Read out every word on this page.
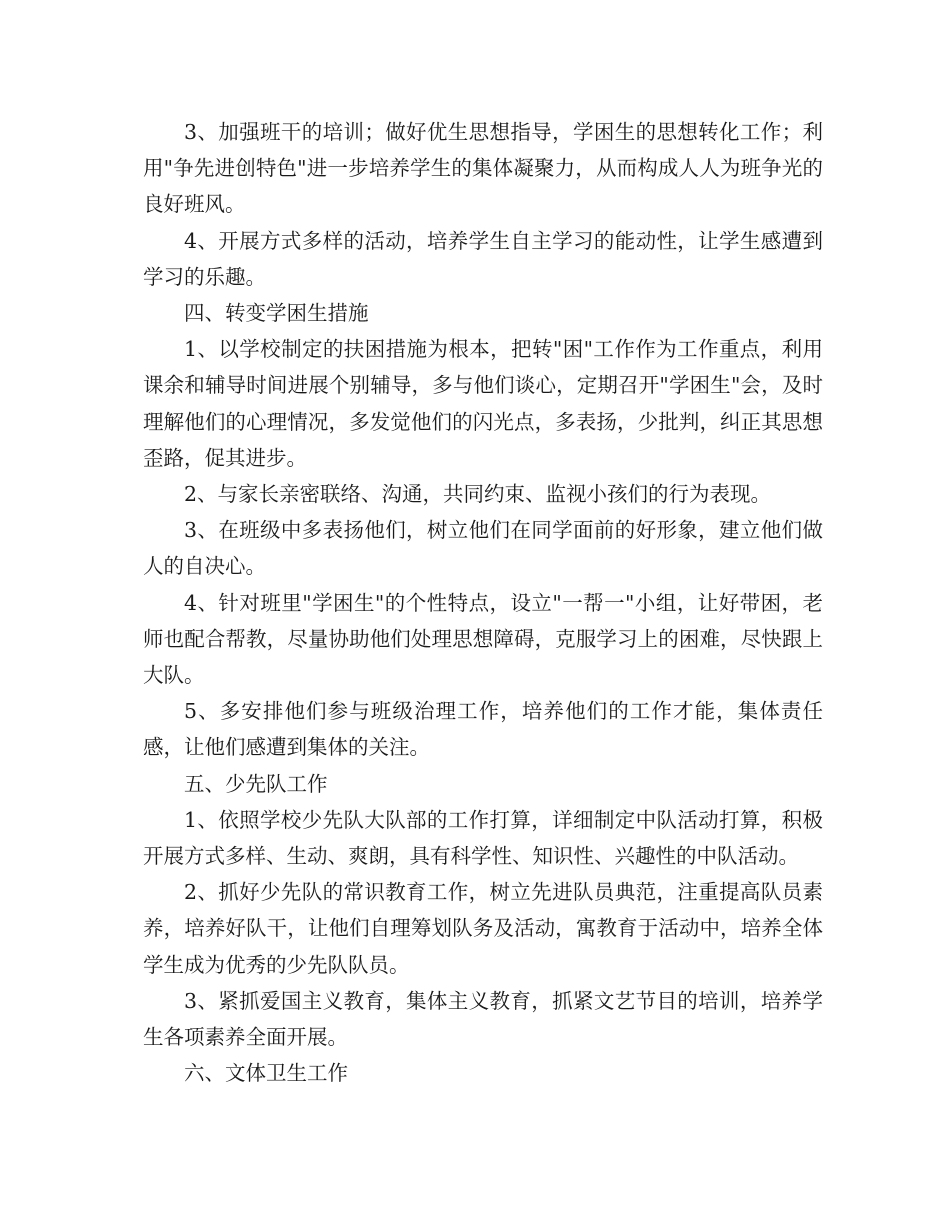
3、加强班干的培训；做好优生思想指导，学困生的思想转化工作；利用"争先进创特色"进一步培养学生的集体凝聚力，从而构成人人为班争光的良好班风。

4、开展方式多样的活动，培养学生自主学习的能动性，让学生感遭到学习的乐趣。

四、转变学困生措施

1、以学校制定的扶困措施为根本，把转"困"工作作为工作重点，利用课余和辅导时间进展个别辅导，多与他们谈心，定期召开"学困生"会，及时理解他们的心理情况，多发觉他们的闪光点，多表扬，少批判，纠正其思想歪路，促其进步。

2、与家长亲密联络、沟通，共同约束、监视小孩们的行为表现。

3、在班级中多表扬他们，树立他们在同学面前的好形象，建立他们做人的自决心。

4、针对班里"学困生"的个性特点，设立"一帮一"小组，让好带困，老师也配合帮教，尽量协助他们处理思想障碍，克服学习上的困难，尽快跟上大队。

5、多安排他们参与班级治理工作，培养他们的工作才能，集体责任感，让他们感遭到集体的关注。

五、少先队工作

1、依照学校少先队大队部的工作打算，详细制定中队活动打算，积极开展方式多样、生动、爽朗，具有科学性、知识性、兴趣性的中队活动。

2、抓好少先队的常识教育工作，树立先进队员典范，注重提高队员素养，培养好队干，让他们自理筹划队务及活动，寓教育于活动中，培养全体学生成为优秀的少先队队员。

3、紧抓爱国主义教育，集体主义教育，抓紧文艺节目的培训，培养学生各项素养全面开展。

六、文体卫生工作
